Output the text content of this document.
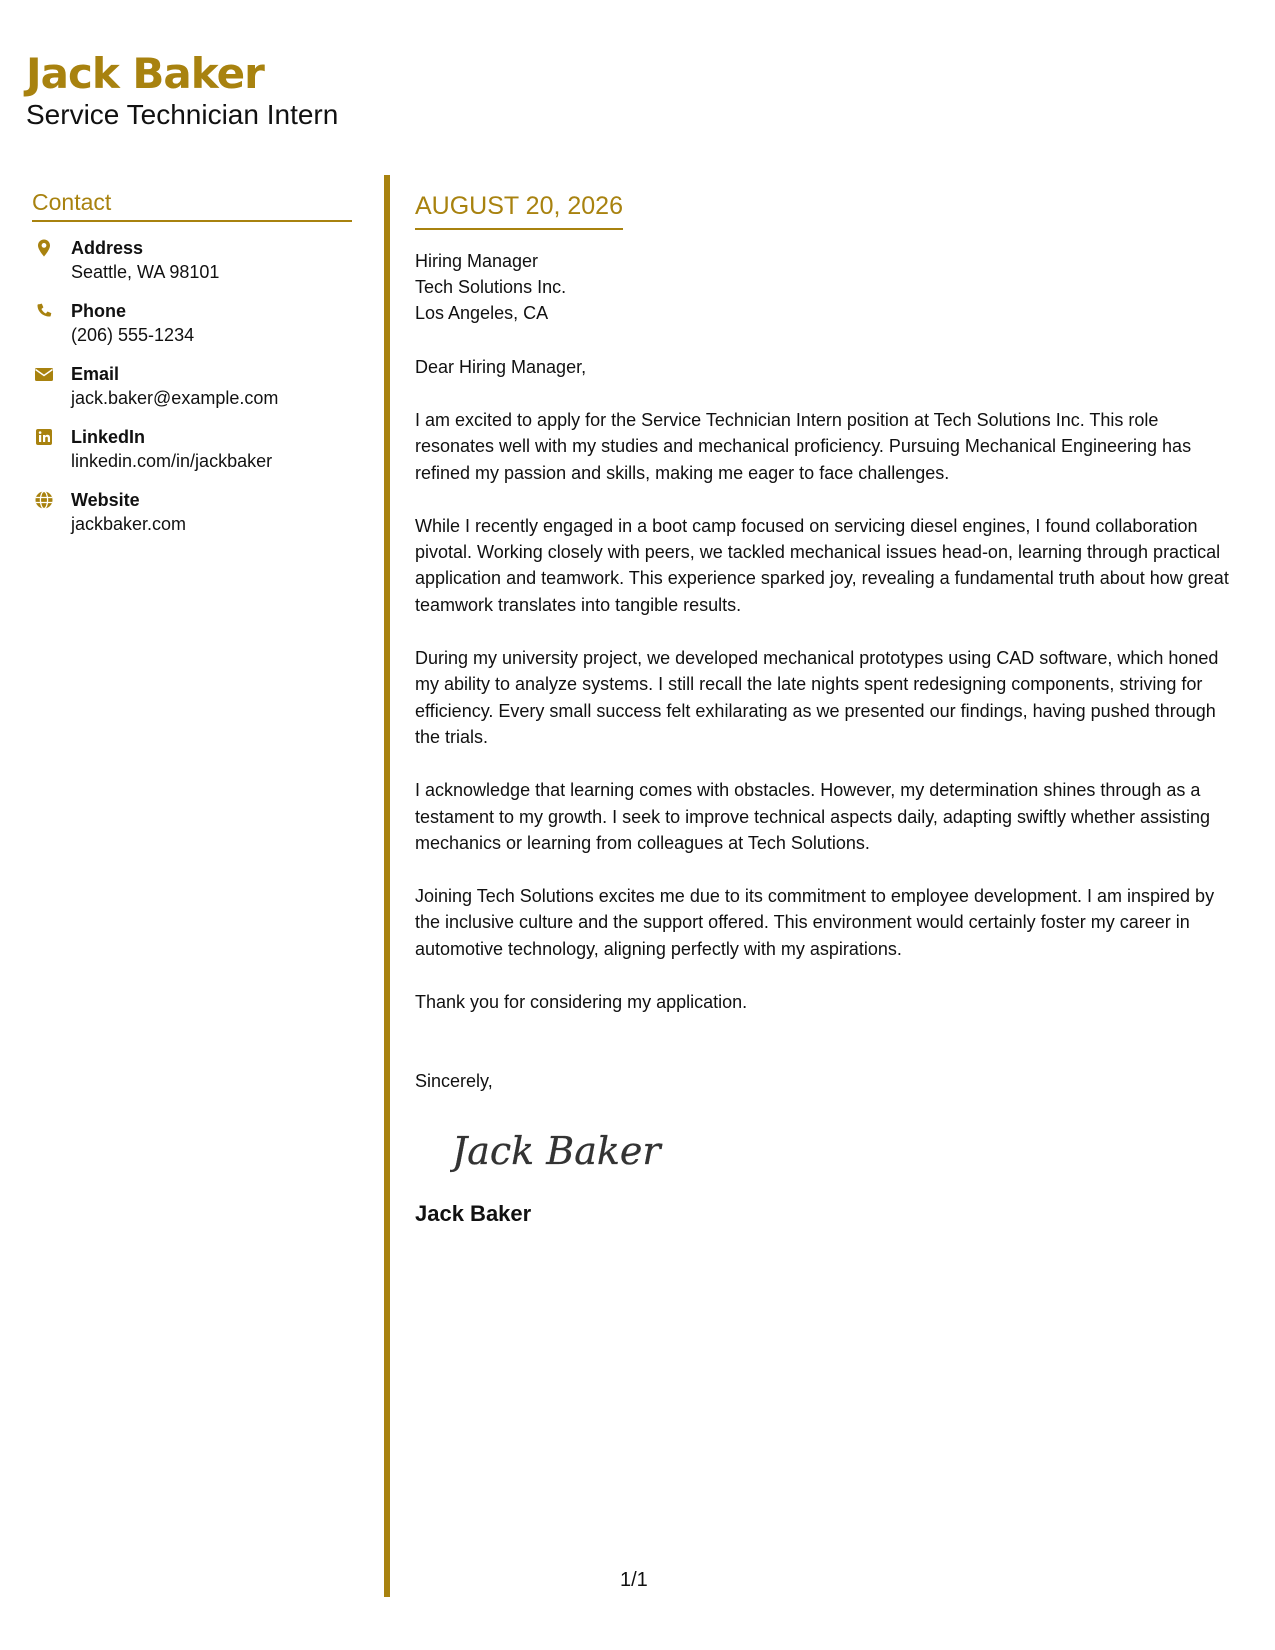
Jack Baker
Service Technician Intern
Contact
Address
Seattle, WA 98101
Phone
(206) 555-1234
Email
jack.baker@example.com
LinkedIn
linkedin.com/in/jackbaker
Website
jackbaker.com
AUGUST 20, 2026
Hiring Manager
Tech Solutions Inc.
Los Angeles, CA
Dear Hiring Manager,
I am excited to apply for the Service Technician Intern position at Tech Solutions Inc. This role resonates well with my studies and mechanical proficiency. Pursuing Mechanical Engineering has refined my passion and skills, making me eager to face challenges.
While I recently engaged in a boot camp focused on servicing diesel engines, I found collaboration pivotal. Working closely with peers, we tackled mechanical issues head-on, learning through practical application and teamwork. This experience sparked joy, revealing a fundamental truth about how great teamwork translates into tangible results.
During my university project, we developed mechanical prototypes using CAD software, which honed my ability to analyze systems. I still recall the late nights spent redesigning components, striving for efficiency. Every small success felt exhilarating as we presented our findings, having pushed through the trials.
I acknowledge that learning comes with obstacles. However, my determination shines through as a testament to my growth. I seek to improve technical aspects daily, adapting swiftly whether assisting mechanics or learning from colleagues at Tech Solutions.
Joining Tech Solutions excites me due to its commitment to employee development. I am inspired by the inclusive culture and the support offered. This environment would certainly foster my career in automotive technology, aligning perfectly with my aspirations.
Thank you for considering my application.
Sincerely,
Jack Baker
Jack Baker
1/1
